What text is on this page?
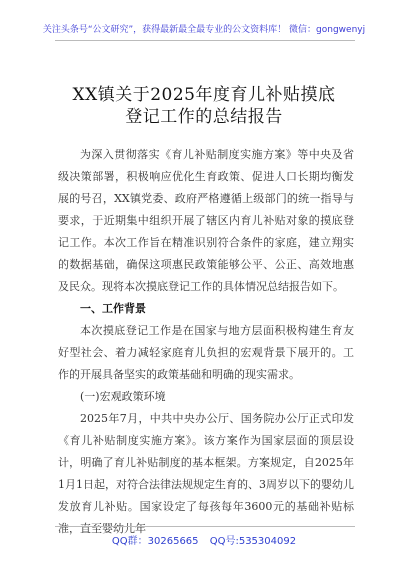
关注头条号“公文研究”，获得最新最全最专业的公文资料库！ 微信：gongwenyj
XX镇关于2025年度育儿补贴摸底
登记工作的总结报告

为深入贯彻落实《育儿补贴制度实施方案》等中央及省级决策部署，积极响应优化生育政策、促进人口长期均衡发展的号召，XX镇党委、政府严格遵循上级部门的统一指导与要求，于近期集中组织开展了辖区内育儿补贴对象的摸底登记工作。本次工作旨在精准识别符合条件的家庭，建立翔实的数据基础，确保这项惠民政策能够公平、公正、高效地惠及民众。现将本次摸底登记工作的具体情况总结报告如下。

一、工作背景

本次摸底登记工作是在国家与地方层面积极构建生育友好型社会、着力减轻家庭育儿负担的宏观背景下展开的。工作的开展具备坚实的政策基础和明确的现实需求。

(一)宏观政策环境

2025年7月，中共中央办公厅、国务院办公厅正式印发《育儿补贴制度实施方案》。该方案作为国家层面的顶层设计，明确了育儿补贴制度的基本框架。方案规定，自2025年1月1日起，对符合法律法规规定生育的、3周岁以下的婴幼儿发放育儿补贴。国家设定了每孩每年3600元的基础补贴标准，直至婴幼儿年

QQ群：30265665 QQ号:535304092
